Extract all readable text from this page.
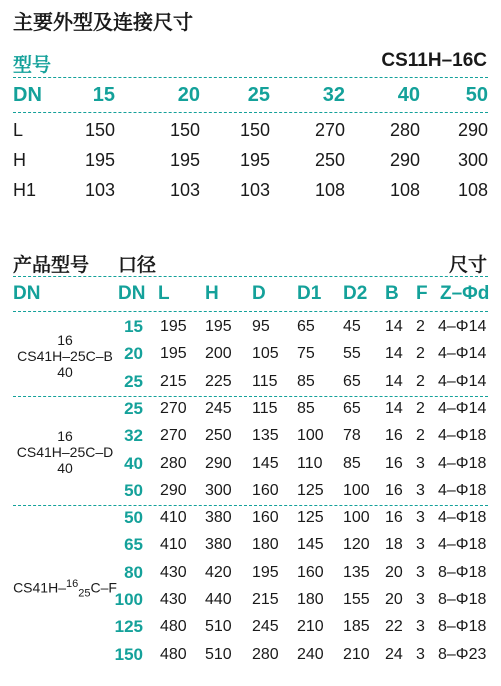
主要外型及连接尺寸
型号	CS11H–16C
DN	15	20 25	32	40 50
L	150	150 150 270 280 290
H	195	195 195 250 290 300
H1	103	103 103 108 108 108
产品型号 口径	尺寸
DN	DN L H D D1 D2 B F Z–Φd
15 195 195 95 65 45 14 2 4–Φ14
20 195 200 105 75 55 14 2 4–Φ14
25 215 225 115 85 65 14 2 4–Φ14
16
CS41H–25C–B
40
25 270 245 115 85 65 14 2 4–Φ14
32 270 250 135 100 78 16 2 4–Φ18
40 280 290 145 110 85 16 3 4–Φ18
50 290 300 160 125 100 16 3 4–Φ18
16
CS41H–25C–D
40
50 410 380 160 125 100 16 3 4–Φ18
65 410 380 180 145 120 18 3 4–Φ18
80 430 420 195 160 135 20 3 8–Φ18
100 430 440 215 180 155 20 3 8–Φ18
125 480 510 245 210 185 22 3 8–Φ18
150 480 510 280 240 210 24 3 8–Φ23
CS41H–$^{16}_{25}$C–F
